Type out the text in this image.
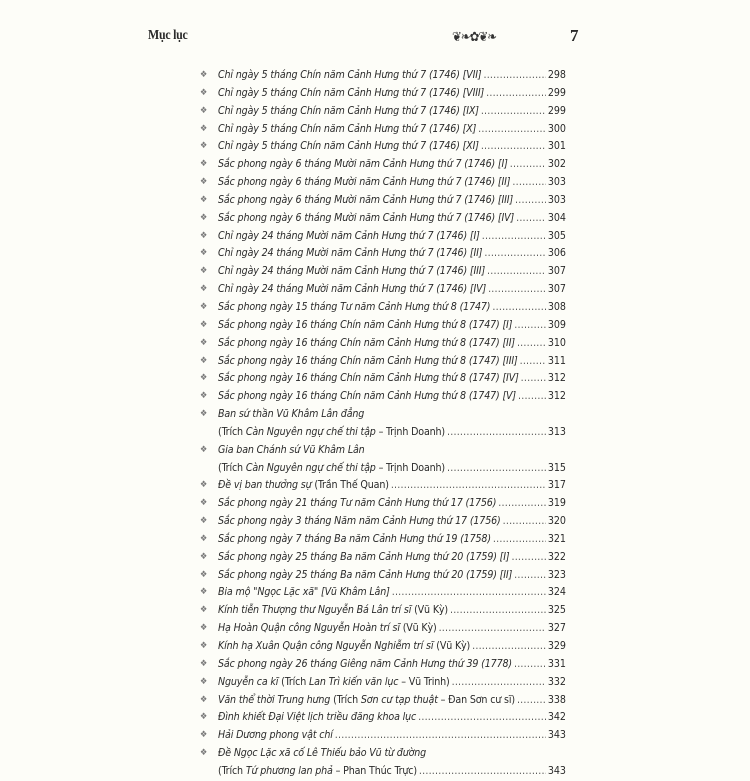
Mục lục	❦❧✿❦❧	7
❖	Chỉ ngày 5 tháng Chín năm Cảnh Hưng thứ 7 (1746) [VII] .....	298
❖	Chỉ ngày 5 tháng Chín năm Cảnh Hưng thứ 7 (1746) [VIII] .....	299
❖	Chỉ ngày 5 tháng Chín năm Cảnh Hưng thứ 7 (1746) [IX] .....	299
❖	Chỉ ngày 5 tháng Chín năm Cảnh Hưng thứ 7 (1746) [X] .....	300
❖	Chỉ ngày 5 tháng Chín năm Cảnh Hưng thứ 7 (1746) [XI] .....	301
❖	Sắc phong ngày 6 tháng Mười năm Cảnh Hưng thứ 7 (1746) [I] .....	302
❖	Sắc phong ngày 6 tháng Mười năm Cảnh Hưng thứ 7 (1746) [II] .....	303
❖	Sắc phong ngày 6 tháng Mười năm Cảnh Hưng thứ 7 (1746) [III] .....	303
❖	Sắc phong ngày 6 tháng Mười năm Cảnh Hưng thứ 7 (1746) [IV] .....	304
❖	Chỉ ngày 24 tháng Mười năm Cảnh Hưng thứ 7 (1746) [I] .....	305
❖	Chỉ ngày 24 tháng Mười năm Cảnh Hưng thứ 7 (1746) [II] .....	306
❖	Chỉ ngày 24 tháng Mười năm Cảnh Hưng thứ 7 (1746) [III] .....	307
❖	Chỉ ngày 24 tháng Mười năm Cảnh Hưng thứ 7 (1746) [IV] .....	307
❖	Sắc phong ngày 15 tháng Tư năm Cảnh Hưng thứ 8 (1747) .....	308
❖	Sắc phong ngày 16 tháng Chín năm Cảnh Hưng thứ 8 (1747) [I] .....	309
❖	Sắc phong ngày 16 tháng Chín năm Cảnh Hưng thứ 8 (1747) [II] .....	310
❖	Sắc phong ngày 16 tháng Chín năm Cảnh Hưng thứ 8 (1747) [III] .....	311
❖	Sắc phong ngày 16 tháng Chín năm Cảnh Hưng thứ 8 (1747) [IV] .....	312
❖	Sắc phong ngày 16 tháng Chín năm Cảnh Hưng thứ 8 (1747) [V] .....	312
❖	Ban sứ thần Vũ Khâm Lân đẳng
(Trích Càn Nguyên ngự chế thi tập – Trịnh Doanh) .....	313
❖	Gia ban Chánh sứ Vũ Khâm Lân
(Trích Càn Nguyên ngự chế thi tập – Trịnh Doanh) .....	315
❖	Đề vị ban thưởng sự (Trần Thế Quan) .....	317
❖	Sắc phong ngày 21 tháng Tư năm Cảnh Hưng thứ 17 (1756) .....	319
❖	Sắc phong ngày 3 tháng Năm năm Cảnh Hưng thứ 17 (1756) .....	320
❖	Sắc phong ngày 7 tháng Ba năm Cảnh Hưng thứ 19 (1758) .....	321
❖	Sắc phong ngày 25 tháng Ba năm Cảnh Hưng thứ 20 (1759) [I] .....	322
❖	Sắc phong ngày 25 tháng Ba năm Cảnh Hưng thứ 20 (1759) [II] .....	323
❖	Bia mộ "Ngọc Lặc xã" [Vũ Khâm Lân] .....	324
❖	Kính tiễn Thượng thư Nguyễn Bá Lân trí sĩ (Vũ Kỳ) .....	325
❖	Hạ Hoàn Quận công Nguyễn Hoàn trí sĩ (Vũ Kỳ) .....	327
❖	Kính hạ Xuân Quận công Nguyễn Nghiễm trí sĩ (Vũ Kỳ) .....	329
❖	Sắc phong ngày 26 tháng Giêng năm Cảnh Hưng thứ 39 (1778) .....	331
❖	Nguyễn ca kĩ (Trích Lan Trì kiến văn lục – Vũ Trinh) .....	332
❖	Văn thể thời Trung hưng (Trích Sơn cư tạp thuật – Đan Sơn cư sĩ) .....	338
❖	Đình khiết Đại Việt lịch triều đăng khoa lục .....	342
❖	Hải Dương phong vật chí .....	343
❖	Đề Ngọc Lặc xã cố Lê Thiếu bảo Vũ từ đường
(Trích Tứ phương lan phả – Phan Thúc Trực) .....	343
